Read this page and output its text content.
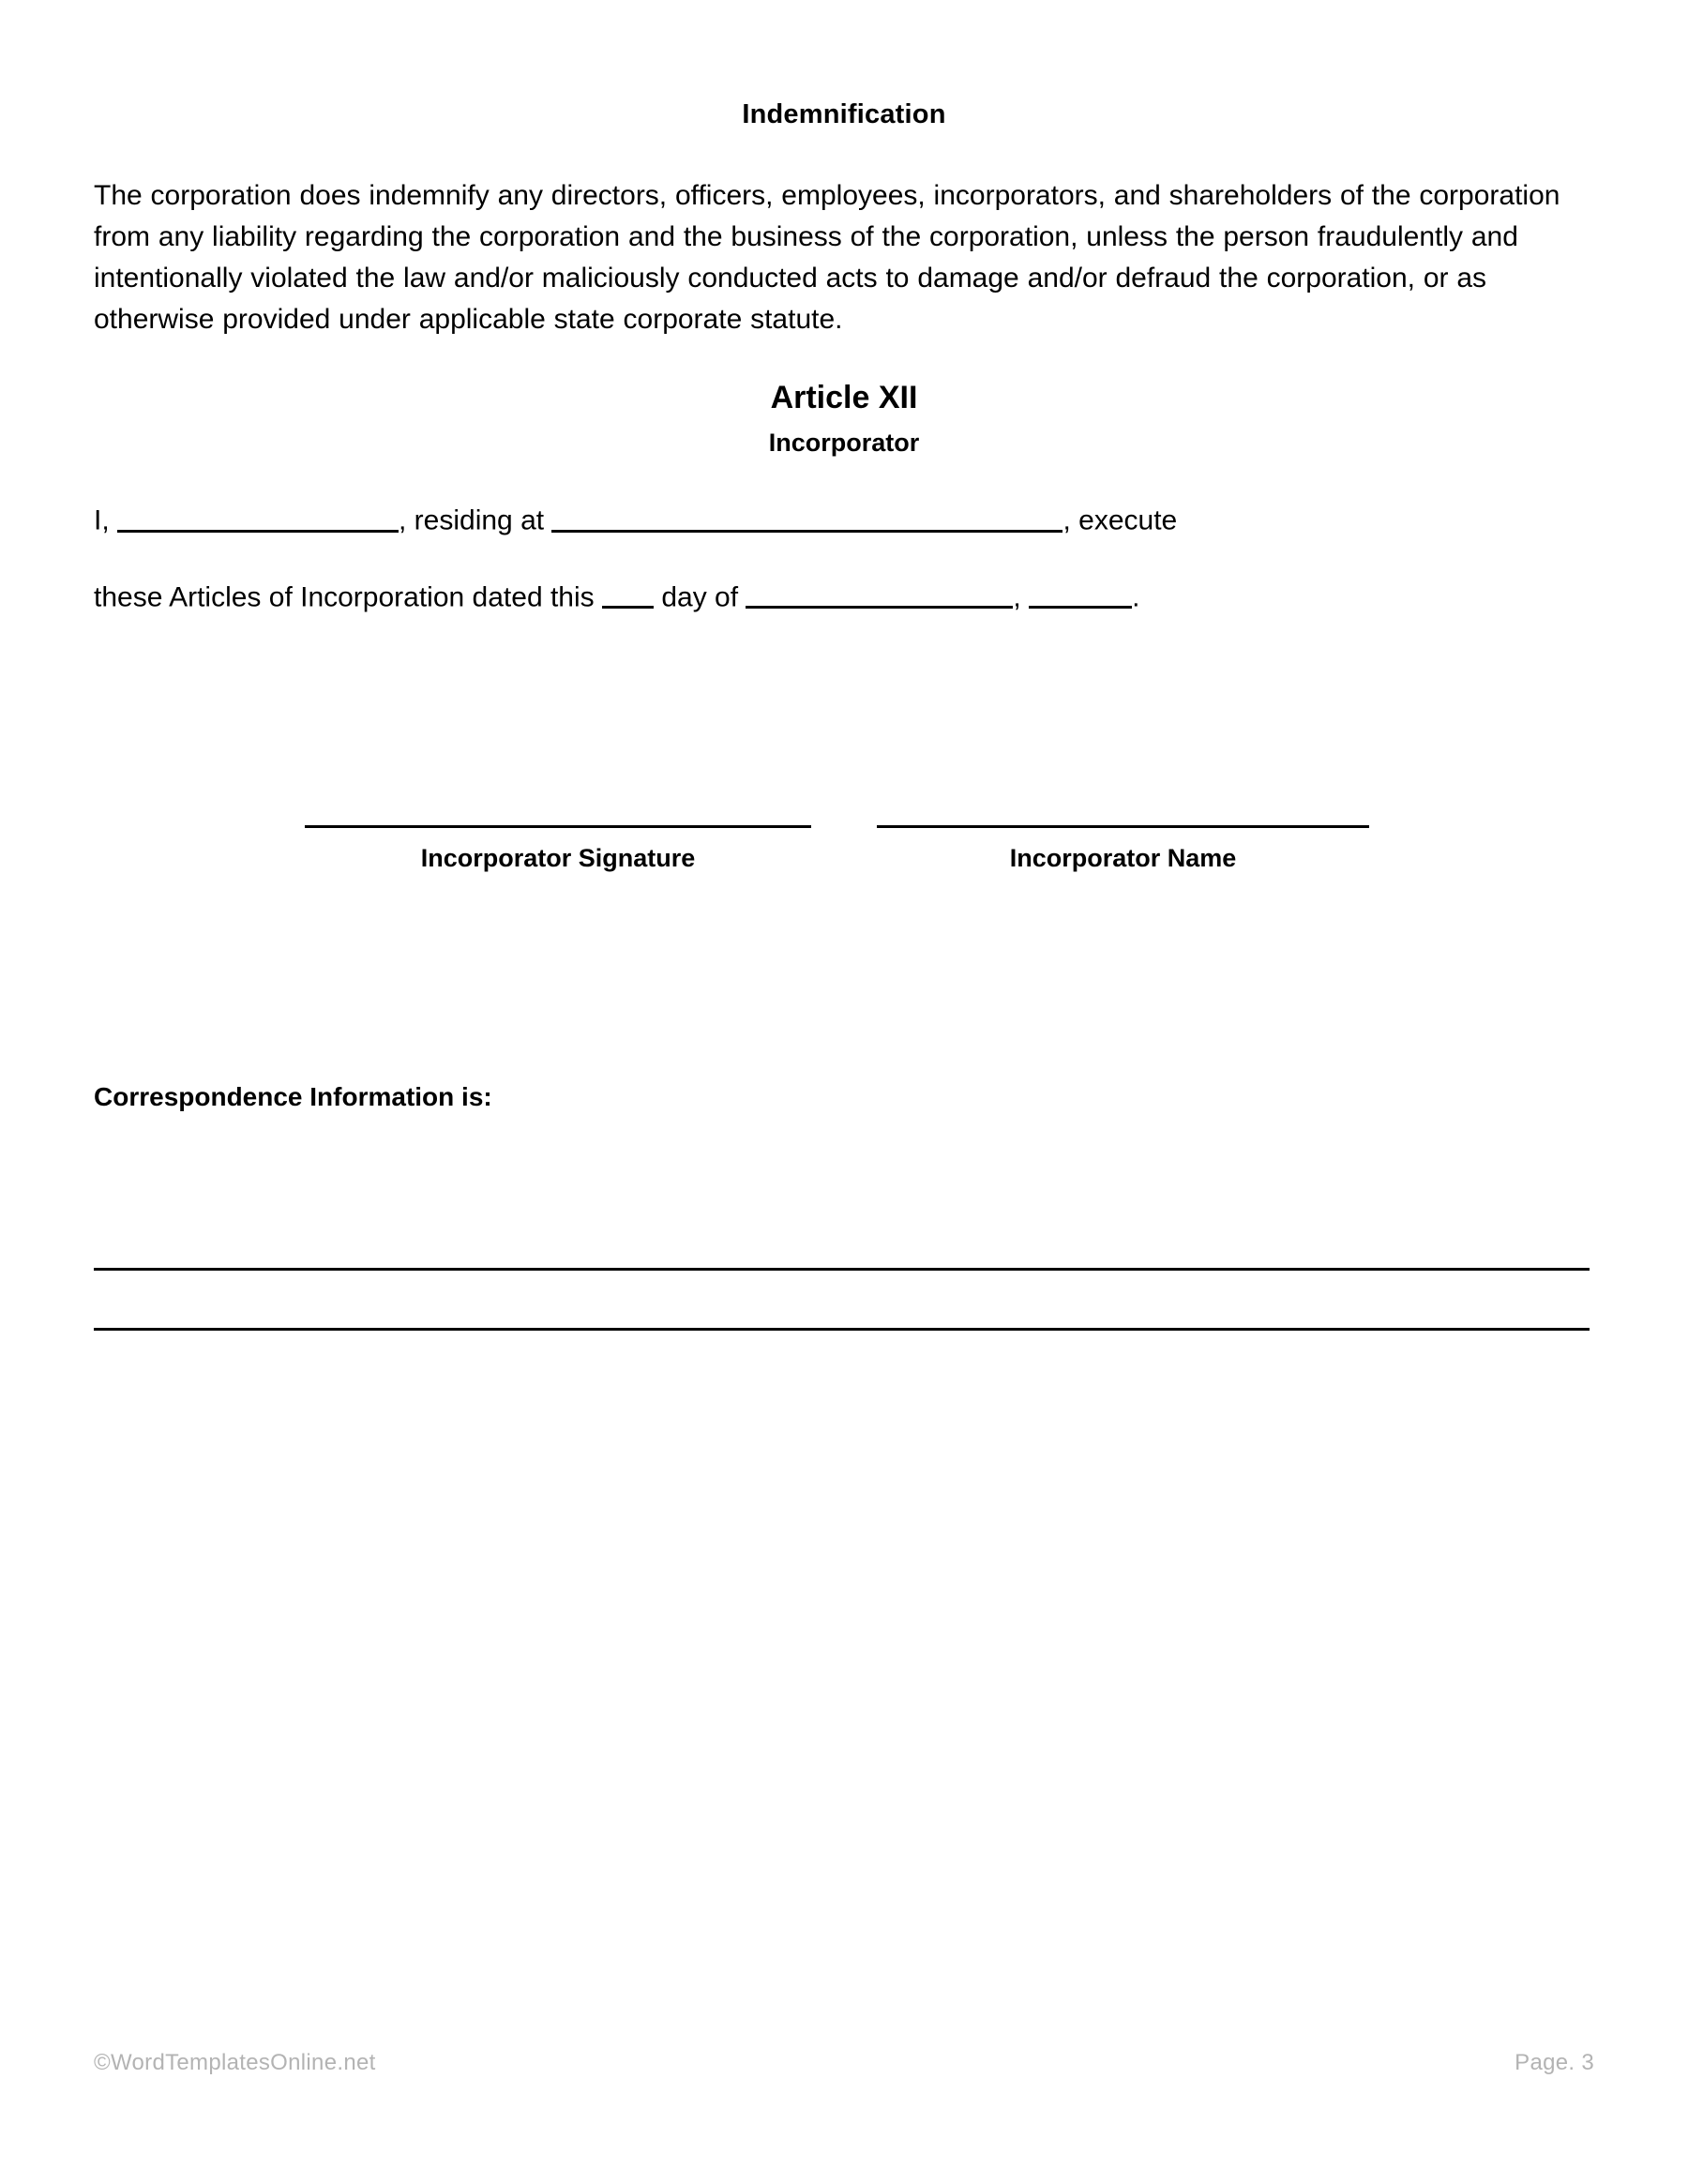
Indemnification

The corporation does indemnify any directors, officers, employees, incorporators, and shareholders of the corporation from any liability regarding the corporation and the business of the corporation, unless the person fraudulently and intentionally violated the law and/or maliciously conducted acts to damage and/or defraud the corporation, or as otherwise provided under applicable state corporate statute.

Article XII
Incorporator

I,	, residing at	, execute

these Articles of Incorporation dated this day of	,	.

Incorporator Signature	Incorporator Name
Correspondence Information is:
©WordTemplatesOnline.net	Page. 3
